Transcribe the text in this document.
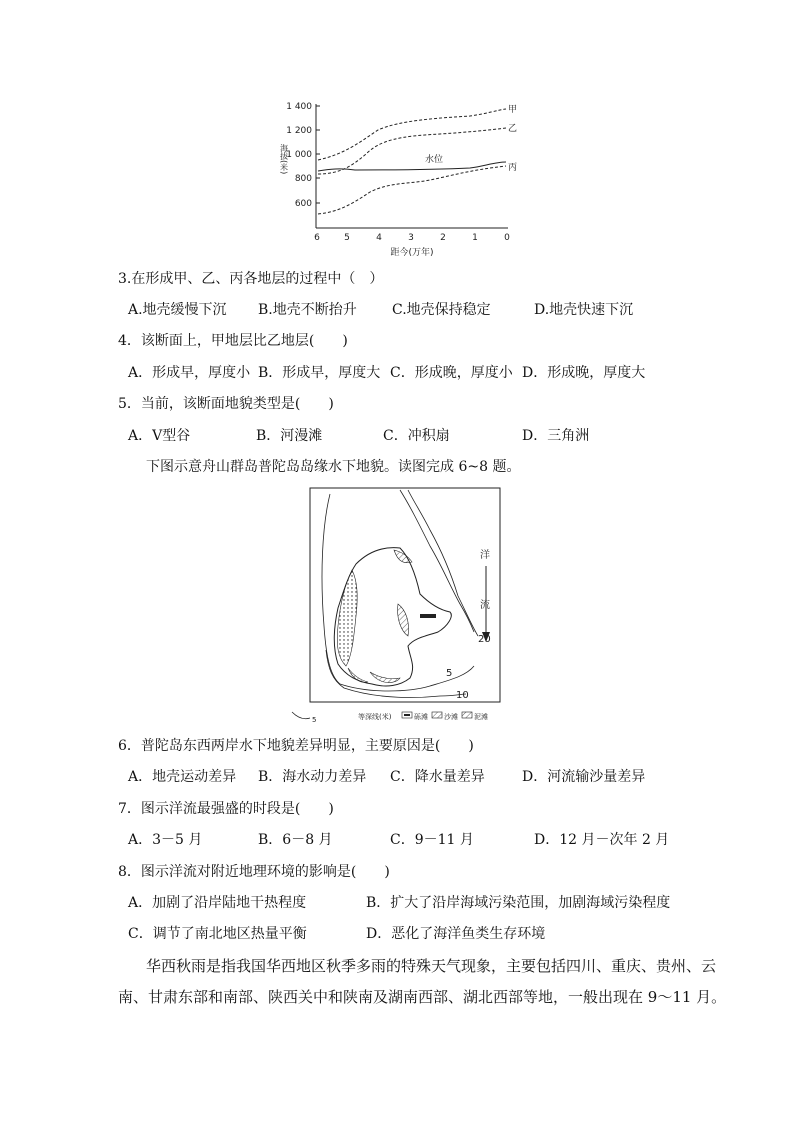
1 400
1 200
1 000
800
600
海拔(米)
6	5	4	3	2	1	0
距今(万年)
甲
乙
水位
丙
3.在形成甲、乙、丙各地层的过程中（　）
A.地壳缓慢下沉 B.地壳不断抬升	C.地壳保持稳定	D.地壳快速下沉
4．该断面上，甲地层比乙地层(　　)
A．形成早，厚度小 B．形成早，厚度大 C．形成晚，厚度小 D．形成晚，厚度大
5．当前，该断面地貌类型是(　　)
A．V型谷	B．河漫滩	C．冲积扇	D．三角洲
下图示意舟山群岛普陀岛岛缘水下地貌。读图完成 6~8 题。
洋
流
20
5
10
5	等深线(米)	砾滩 沙滩 泥滩
6．普陀岛东西两岸水下地貌差异明显，主要原因是(　　)
A．地壳运动差异 B．海水动力差异 C．降水量差异	D．河流输沙量差异
7．图示洋流最强盛的时段是(　　)
A．3－5 月	B．6－8 月	C．9－11 月	D．12 月－次年 2 月
8．图示洋流对附近地理环境的影响是(　　)
A．加剧了沿岸陆地干热程度	B．扩大了沿岸海域污染范围，加剧海域污染程度
C．调节了南北地区热量平衡	D．恶化了海洋鱼类生存环境
华西秋雨是指我国华西地区秋季多雨的特殊天气现象，主要包括四川、重庆、贵州、云
南、甘肃东部和南部、陕西关中和陕南及湖南西部、湖北西部等地，一般出现在 9～11 月。
